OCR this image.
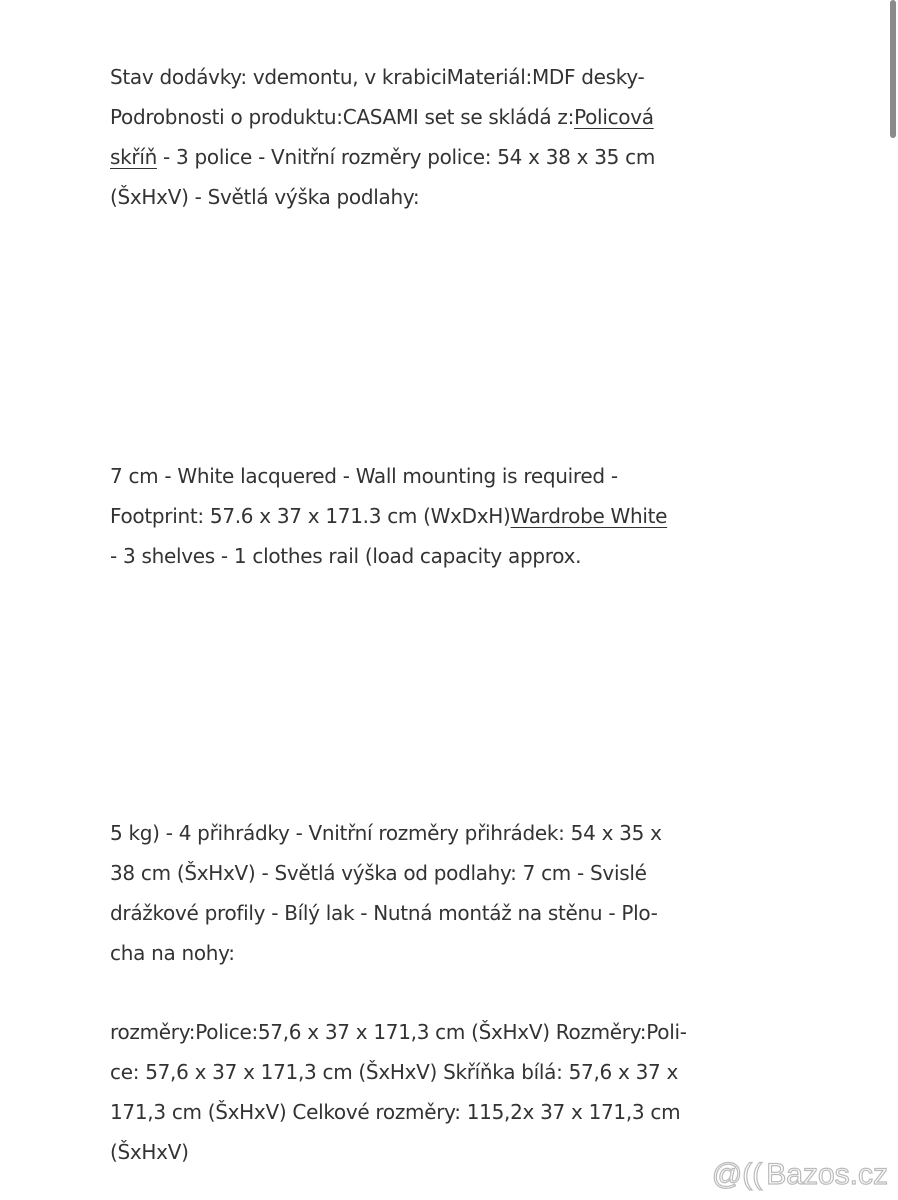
Stav dodávky: vdemontu, v krabiciMateriál:MDF desky-
Podrobnosti o produktu:CASAMI set se skládá z:Policová
skříň - 3 police - Vnitřní rozměry police: 54 x 38 x 35 cm
(ŠxHxV) - Světlá výška podlahy:
7 cm - White lacquered - Wall mounting is required -
Footprint: 57.6 x 37 x 171.3 cm (WxDxH)Wardrobe White
- 3 shelves - 1 clothes rail (load capacity approx.
5 kg) - 4 přihrádky - Vnitřní rozměry přihrádek: 54 x 35 x
38 cm (ŠxHxV) - Světlá výška od podlahy: 7 cm - Svislé
drážkové profily - Bílý lak - Nutná montáž na stěnu - Plo-
cha na nohy:
rozměry:Police:57,6 x 37 x 171,3 cm (ŠxHxV) Rozměry:Poli-
ce: 57,6 x 37 x 171,3 cm (ŠxHxV) Skříňka bílá: 57,6 x 37 x
171,3 cm (ŠxHxV) Celkové rozměry: 115,2x 37 x 171,3 cm
(ŠxHxV)
@(( Bazos.cz
